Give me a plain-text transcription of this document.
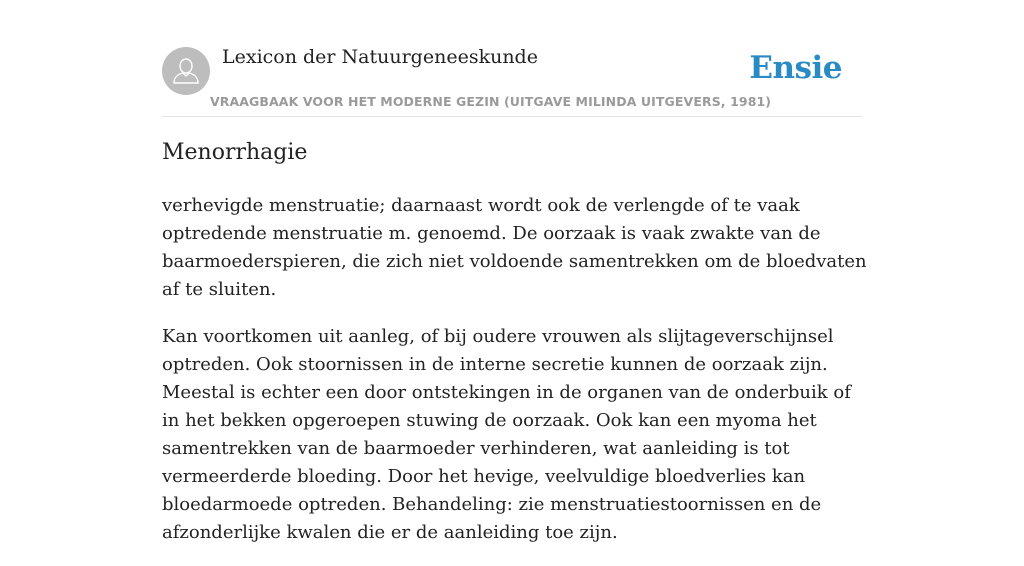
Lexicon der Natuurgeneeskunde
VRAAGBAAK VOOR HET MODERNE GEZIN (UITGAVE MILINDA UITGEVERS, 1981)
Ensie
Menorrhagie

verhevigde menstruatie; daarnaast wordt ook de verlengde of te vaak optredende menstruatie m. genoemd. De oorzaak is vaak zwakte van de baarmoederspieren, die zich niet voldoende samentrekken om de bloedvaten af te sluiten.

Kan voortkomen uit aanleg, of bij oudere vrouwen als slijtageverschijnsel optreden. Ook stoornissen in de interne secretie kunnen de oorzaak zijn. Meestal is echter een door ontstekingen in de organen van de onderbuik of in het bekken opgeroepen stuwing de oorzaak. Ook kan een myoma het samentrekken van de baarmoeder verhinderen, wat aanleiding is tot vermeerderde bloeding. Door het hevige, veelvuldige bloedverlies kan bloedarmoede optreden. Behandeling: zie menstruatiestoornissen en de afzonderlijke kwalen die er de aanleiding toe zijn.
